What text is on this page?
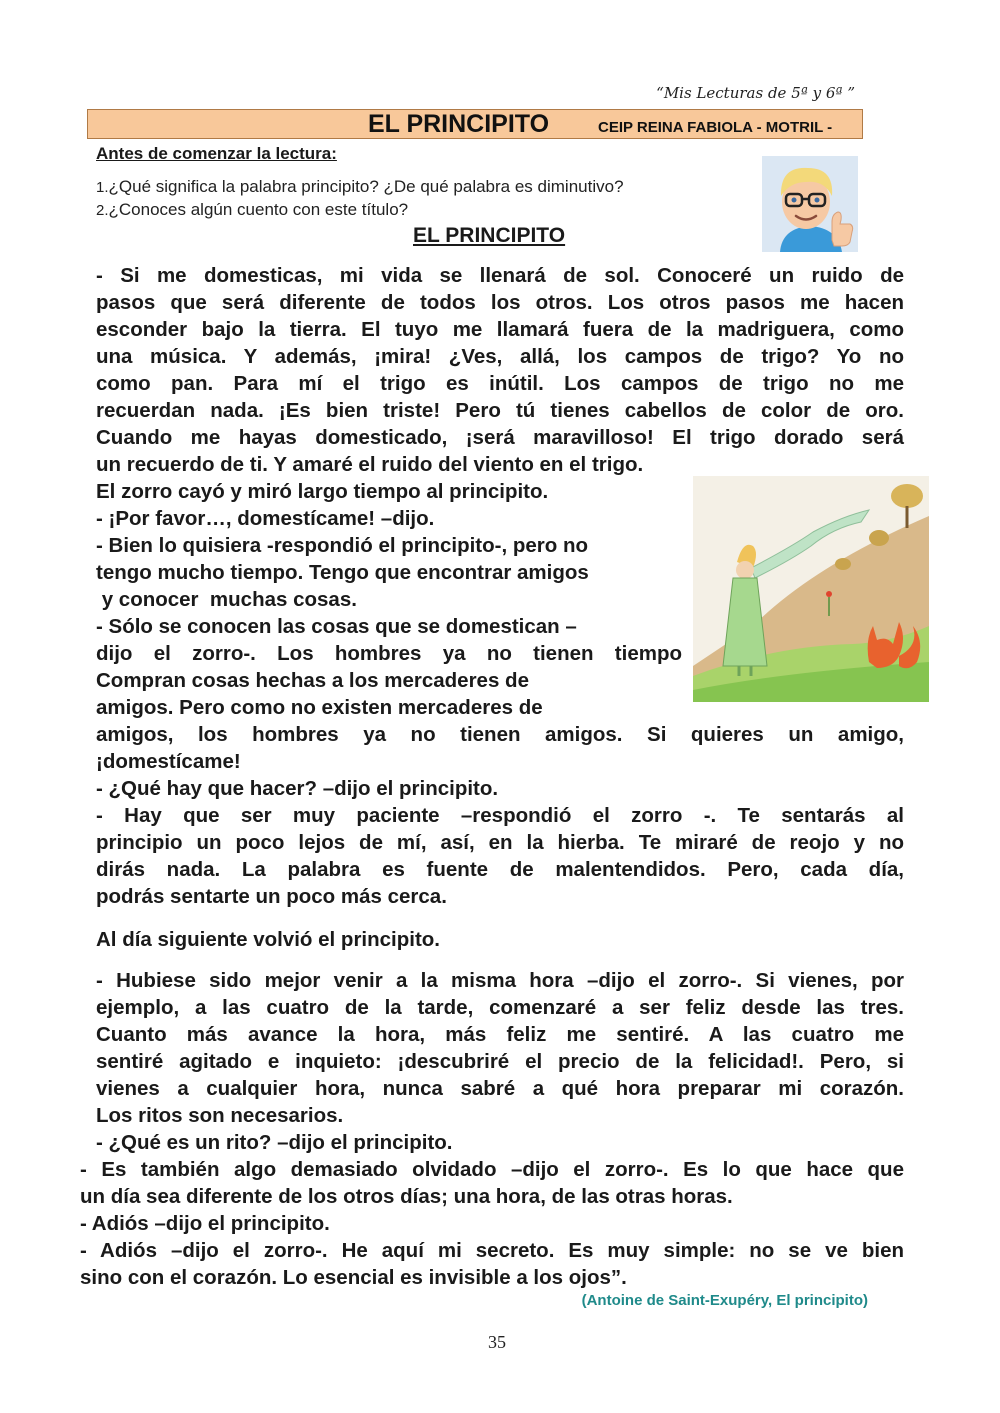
“Mis Lecturas de 5ª y 6ª ”
EL PRINCIPITO	CEIP REINA FABIOLA - MOTRIL -
Antes de comenzar la lectura:
1.¿Qué significa la palabra principito? ¿De qué palabra es diminutivo?
2.¿Conoces algún cuento con este título?
EL PRINCIPITO
- Si me domesticas, mi vida se llenará de sol. Conoceré un ruido de
pasos que será diferente de todos los otros. Los otros pasos me hacen
esconder bajo la tierra. El tuyo me llamará fuera de la madriguera, como
una música. Y además, ¡mira! ¿Ves, allá, los campos de trigo? Yo no
como pan. Para mí el trigo es inútil. Los campos de trigo no me
recuerdan nada. ¡Es bien triste! Pero tú tienes cabellos de color de oro.
Cuando me hayas domesticado, ¡será maravilloso! El trigo dorado será
un recuerdo de ti. Y amaré el ruido del viento en el trigo.
El zorro cayó y miró largo tiempo al principito.
- ¡Por favor…, domestícame! –dijo.
- Bien lo quisiera -respondió el principito-, pero no
tengo mucho tiempo. Tengo que encontrar amigos
y conocer  muchas cosas.
- Sólo se conocen las cosas que se domestican –
dijo el zorro-. Los hombres ya no tienen tiempo
Compran cosas hechas a los mercaderes de
amigos. Pero como no existen mercaderes de
amigos, los hombres ya no tienen amigos. Si quieres un amigo,
¡domestícame!
- ¿Qué hay que hacer? –dijo el principito.
- Hay que ser muy paciente –respondió el zorro -. Te sentarás al
principio un poco lejos de mí, así, en la hierba. Te miraré de reojo y no
dirás nada. La palabra es fuente de malentendidos. Pero, cada día,
podrás sentarte un poco más cerca.
Al día siguiente volvió el principito.
- Hubiese sido mejor venir a la misma hora –dijo el zorro-. Si vienes, por
ejemplo, a las cuatro de la tarde, comenzaré a ser feliz desde las tres.
Cuanto más avance la hora, más feliz me sentiré. A las cuatro me
sentiré agitado e inquieto: ¡descubriré el precio de la felicidad!. Pero, si
vienes a cualquier hora, nunca sabré a qué hora preparar mi corazón.
Los ritos son necesarios.
- ¿Qué es un rito? –dijo el principito.
- Es también algo demasiado olvidado –dijo el zorro-. Es lo que hace que
un día sea diferente de los otros días; una hora, de las otras horas.
- Adiós –dijo el principito.
- Adiós –dijo el zorro-. He aquí mi secreto. Es muy simple: no se ve bien
sino con el corazón. Lo esencial es invisible a los ojos”.
(Antoine de Saint-Exupéry, El principito)
35
